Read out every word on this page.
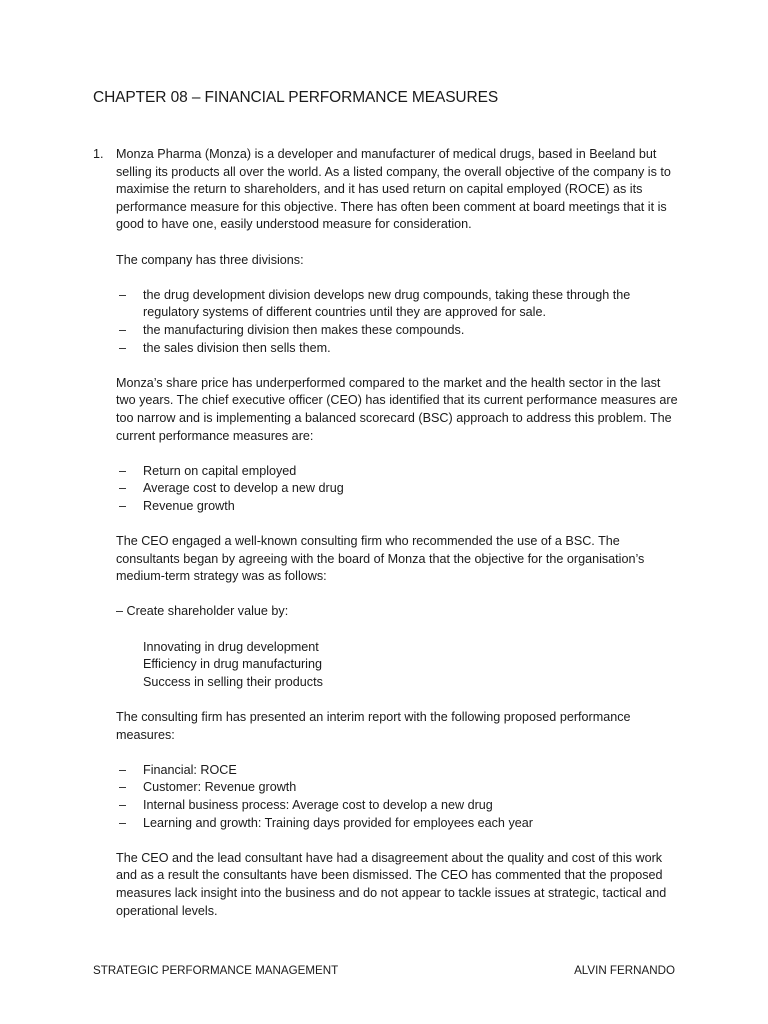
CHAPTER 08 – FINANCIAL PERFORMANCE MEASURES
1. Monza Pharma (Monza) is a developer and manufacturer of medical drugs, based in Beeland but selling its products all over the world. As a listed company, the overall objective of the company is to maximise the return to shareholders, and it has used return on capital employed (ROCE) as its performance measure for this objective. There has often been comment at board meetings that it is good to have one, easily understood measure for consideration.

The company has three divisions:

– the drug development division develops new drug compounds, taking these through the regulatory systems of different countries until they are approved for sale.
– the manufacturing division then makes these compounds.
– the sales division then sells them.

Monza’s share price has underperformed compared to the market and the health sector in the last two years. The chief executive officer (CEO) has identified that its current performance measures are too narrow and is implementing a balanced scorecard (BSC) approach to address this problem. The current performance measures are:

– Return on capital employed
– Average cost to develop a new drug
– Revenue growth

The CEO engaged a well-known consulting firm who recommended the use of a BSC. The consultants began by agreeing with the board of Monza that the objective for the organisation’s medium-term strategy was as follows:

– Create shareholder value by:

Innovating in drug development
Efficiency in drug manufacturing
Success in selling their products

The consulting firm has presented an interim report with the following proposed performance measures:

– Financial: ROCE
– Customer: Revenue growth
– Internal business process: Average cost to develop a new drug
– Learning and growth: Training days provided for employees each year

The CEO and the lead consultant have had a disagreement about the quality and cost of this work and as a result the consultants have been dismissed. The CEO has commented that the proposed measures lack insight into the business and do not appear to tackle issues at strategic, tactical and operational levels.

STRATEGIC PERFORMANCE MANAGEMENT	ALVIN FERNANDO
